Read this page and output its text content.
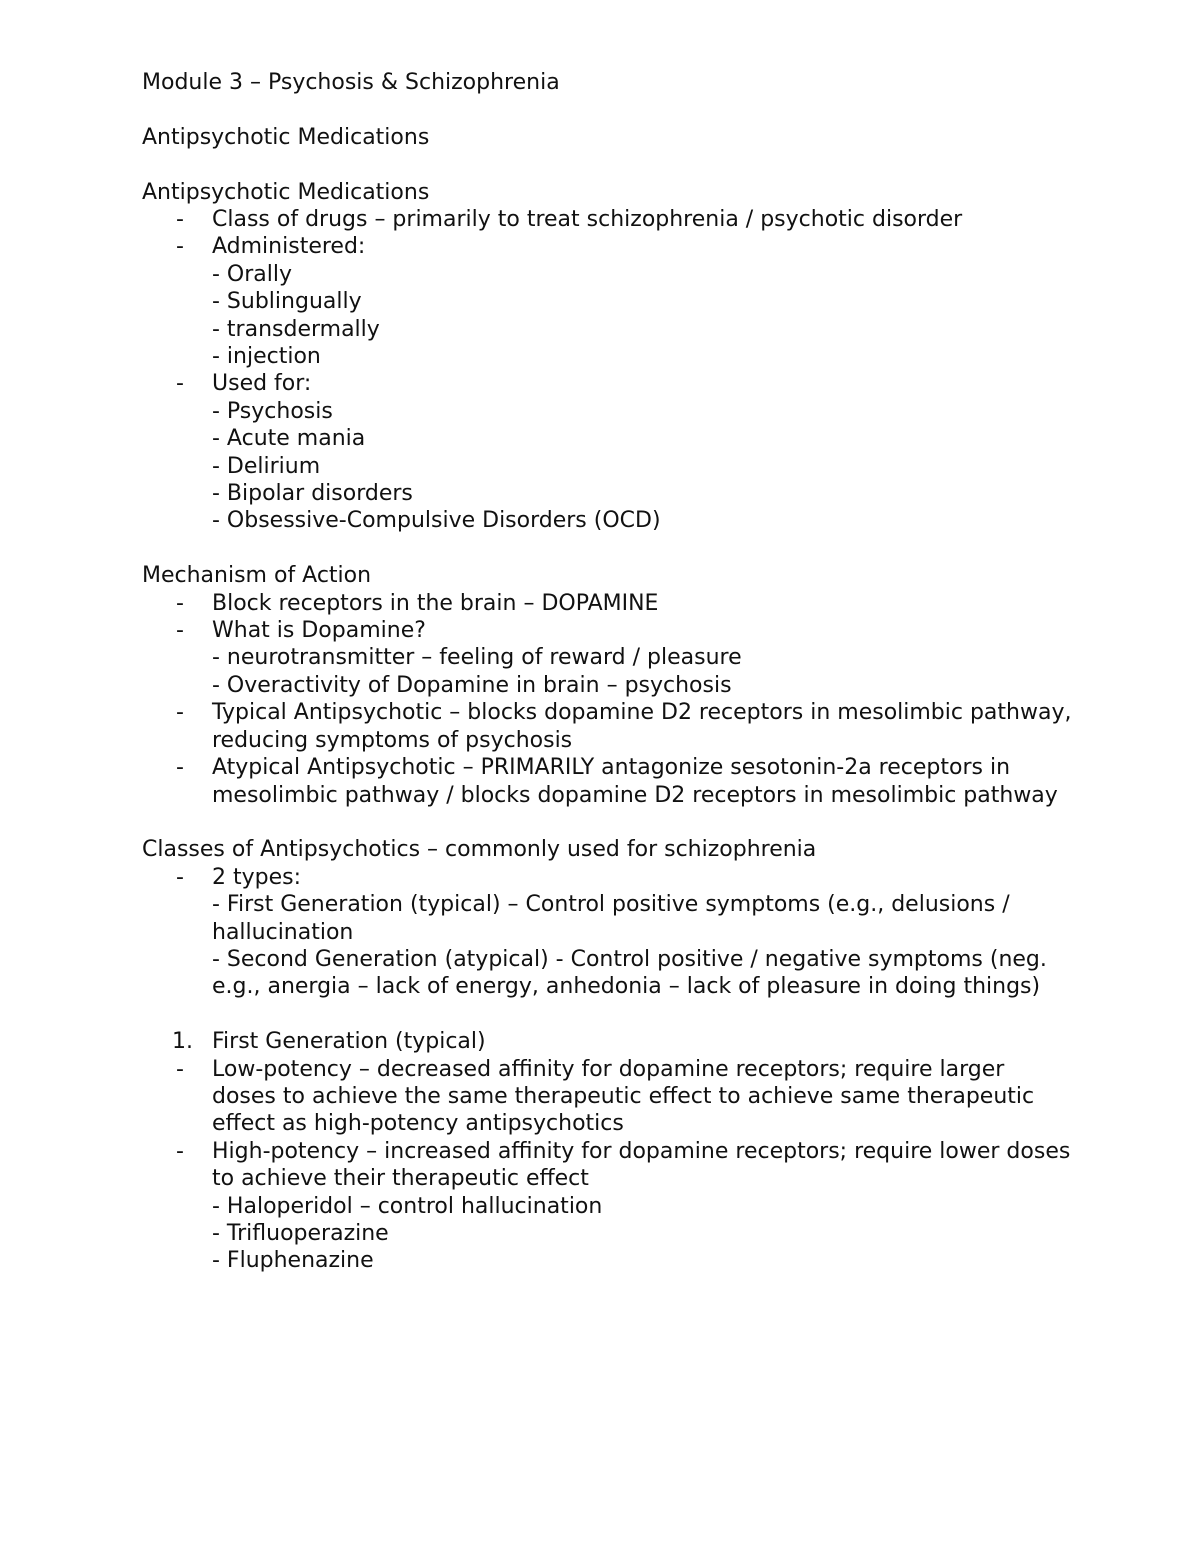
Module 3 – Psychosis & Schizophrenia
Antipsychotic Medications
Antipsychotic Medications
- Class of drugs – primarily to treat schizophrenia / psychotic disorder
- Administered:
- Orally
- Sublingually
- transdermally
- injection
- Used for:
- Psychosis
- Acute mania
- Delirium
- Bipolar disorders
- Obsessive-Compulsive Disorders (OCD)
Mechanism of Action
- Block receptors in the brain – DOPAMINE
- What is Dopamine?
- neurotransmitter – feeling of reward / pleasure
- Overactivity of Dopamine in brain – psychosis
- Typical Antipsychotic – blocks dopamine D2 receptors in mesolimbic pathway, reducing symptoms of psychosis
- Atypical Antipsychotic – PRIMARILY antagonize sesotonin-2a receptors in mesolimbic pathway / blocks dopamine D2 receptors in mesolimbic pathway
Classes of Antipsychotics – commonly used for schizophrenia
- 2 types:
- First Generation (typical) – Control positive symptoms (e.g., delusions / hallucination
- Second Generation (atypical) - Control positive / negative symptoms (neg. e.g., anergia – lack of energy, anhedonia – lack of pleasure in doing things)
1. First Generation (typical)
- Low-potency – decreased affinity for dopamine receptors; require larger doses to achieve the same therapeutic effect to achieve same therapeutic effect as high-potency antipsychotics
- High-potency – increased affinity for dopamine receptors; require lower doses to achieve their therapeutic effect
- Haloperidol – control hallucination
- Trifluoperazine
- Fluphenazine
